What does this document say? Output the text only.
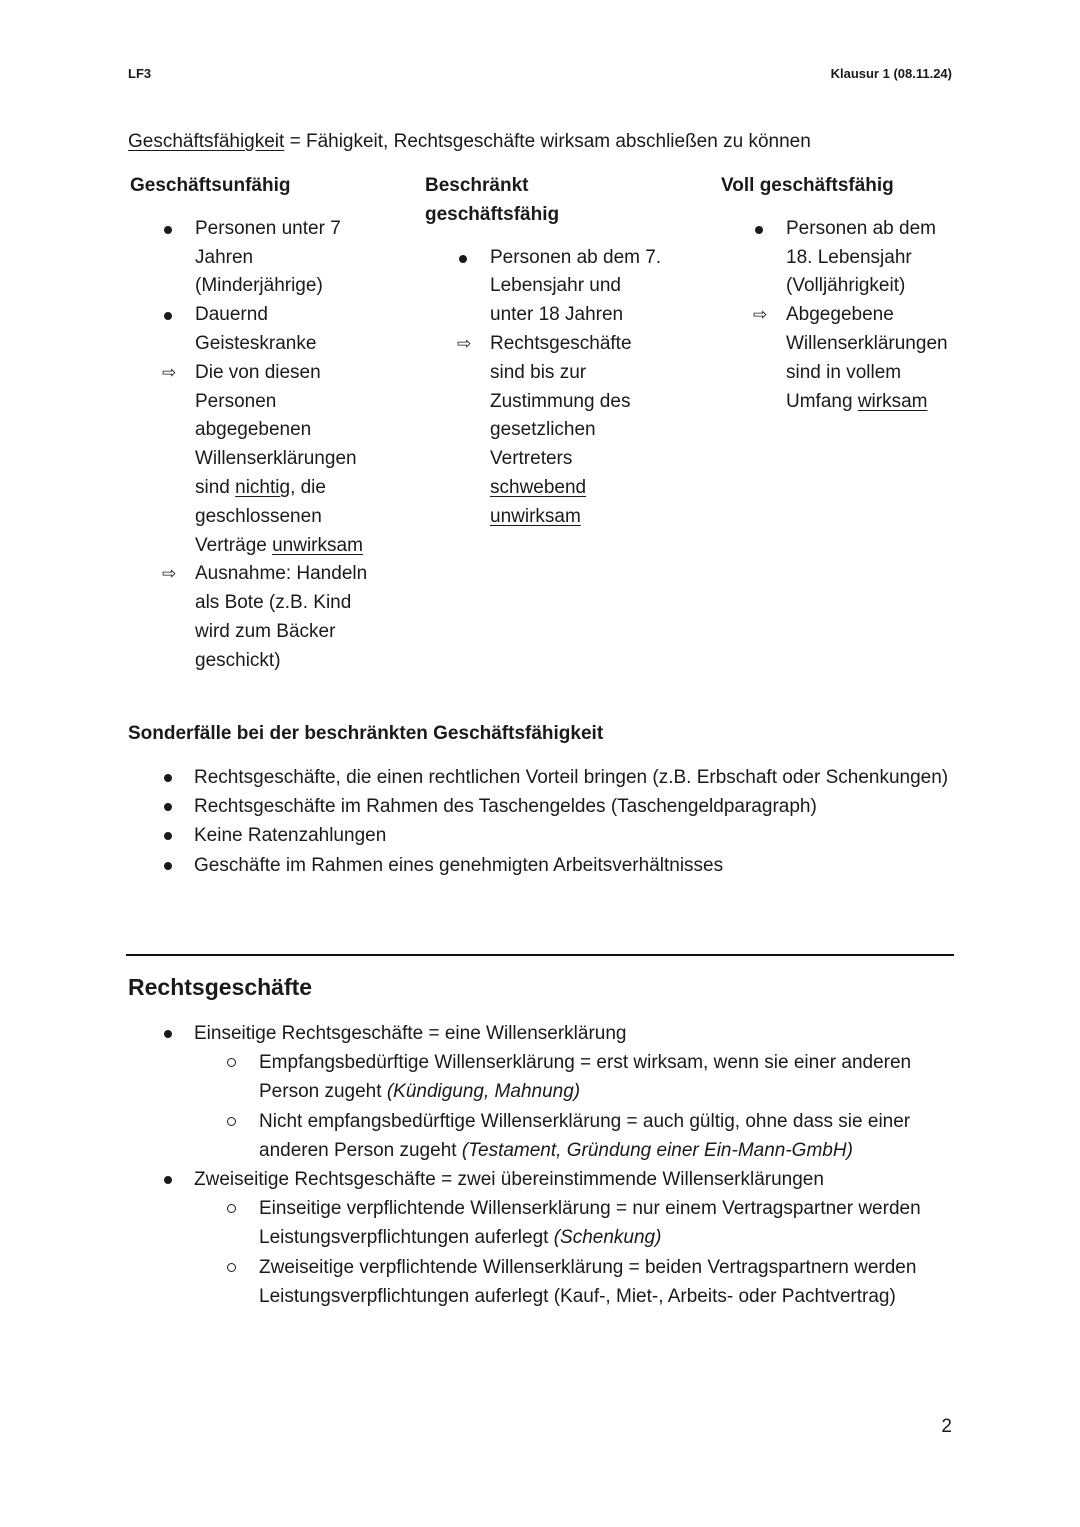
LF3	Klausur 1 (08.11.24)
Geschäftsfähigkeit = Fähigkeit, Rechtsgeschäfte wirksam abschließen zu können
Geschäftsunfähig
Personen unter 7 Jahren (Minderjährige)
Dauernd Geisteskranke
⇨ Die von diesen Personen abgegebenen Willenserklärungen sind nichtig, die geschlossenen Verträge unwirksam
⇨ Ausnahme: Handeln als Bote (z.B. Kind wird zum Bäcker geschickt)
Beschränkt geschäftsfähig
Personen ab dem 7. Lebensjahr und unter 18 Jahren
⇨ Rechtsgeschäfte sind bis zur Zustimmung des gesetzlichen Vertreters schwebend unwirksam
Voll geschäftsfähig
Personen ab dem 18. Lebensjahr (Volljährigkeit)
⇨ Abgegebene Willenserklärungen sind in vollem Umfang wirksam
Sonderfälle bei der beschränkten Geschäftsfähigkeit
Rechtsgeschäfte, die einen rechtlichen Vorteil bringen (z.B. Erbschaft oder Schenkungen)
Rechtsgeschäfte im Rahmen des Taschengeldes (Taschengeldparagraph)
Keine Ratenzahlungen
Geschäfte im Rahmen eines genehmigten Arbeitsverhältnisses
Rechtsgeschäfte
Einseitige Rechtsgeschäfte = eine Willenserklärung
Empfangsbedürftige Willenserklärung = erst wirksam, wenn sie einer anderen Person zugeht (Kündigung, Mahnung)
Nicht empfangsbedürftige Willenserklärung = auch gültig, ohne dass sie einer anderen Person zugeht (Testament, Gründung einer Ein-Mann-GmbH)
Zweiseitige Rechtsgeschäfte = zwei übereinstimmende Willenserklärungen
Einseitige verpflichtende Willenserklärung = nur einem Vertragspartner werden Leistungsverpflichtungen auferlegt (Schenkung)
Zweiseitige verpflichtende Willenserklärung = beiden Vertragspartnern werden Leistungsverpflichtungen auferlegt (Kauf-, Miet-, Arbeits- oder Pachtvertrag)
2
